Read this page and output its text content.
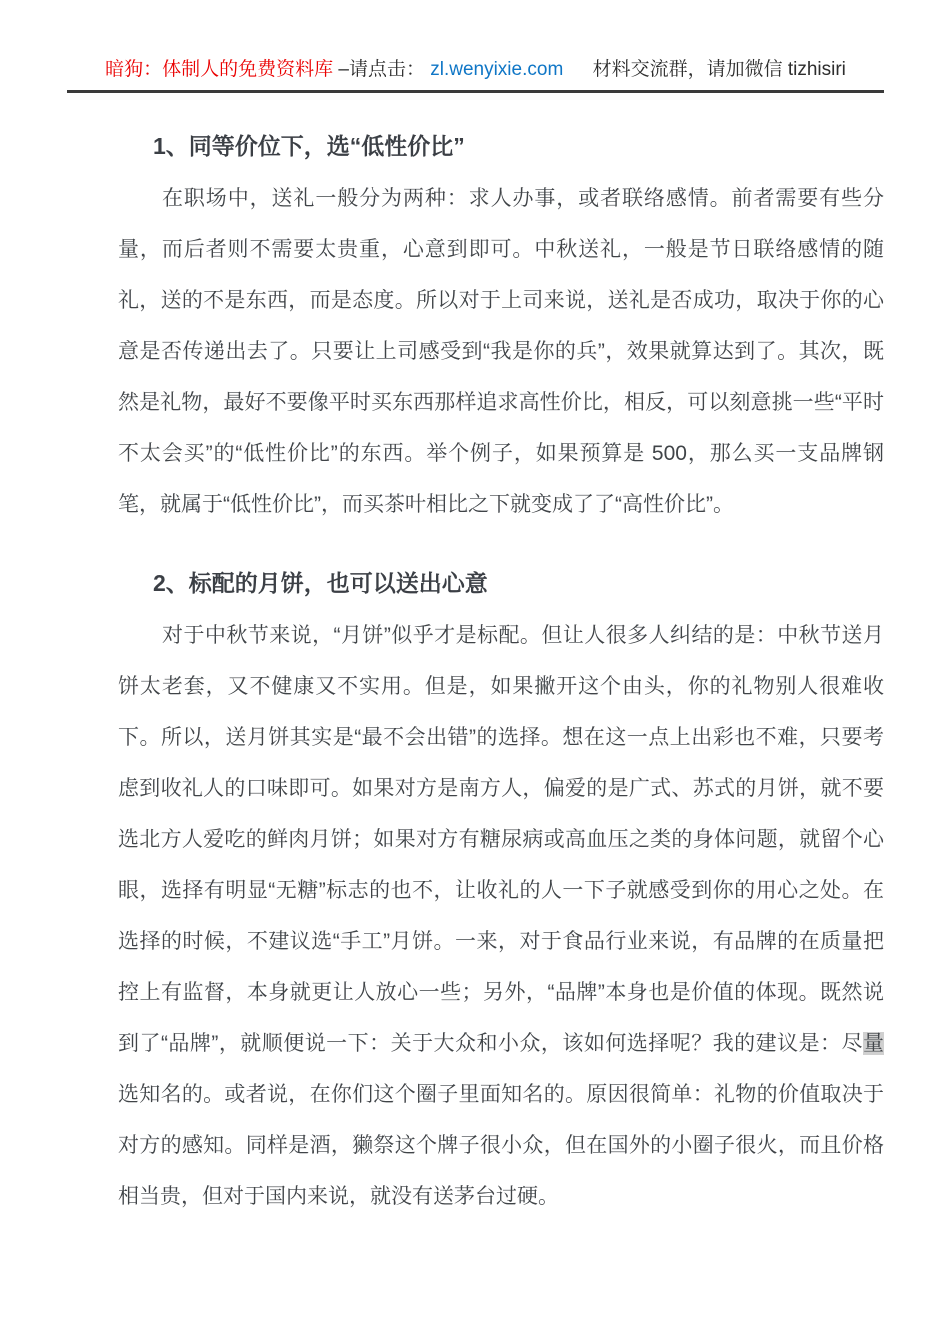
暗狗：体制人的免费资料库 –请点击： zl.wenyixie.com 材料交流群，请加微信 tizhisiri
1、同等价位下，选“低性价比”

在职场中，送礼一般分为两种：求人办事，或者联络感情。前者需要有些分量，而后者则不需要太贵重，心意到即可。中秋送礼，一般是节日联络感情的随礼，送的不是东西，而是态度。所以对于上司来说，送礼是否成功，取决于你的心意是否传递出去了。只要让上司感受到“我是你的兵”，效果就算达到了。其次，既然是礼物，最好不要像平时买东西那样追求高性价比，相反，可以刻意挑一些“平时不太会买”的“低性价比”的东西。举个例子，如果预算是 500，那么买一支品牌钢笔，就属于“低性价比”，而买茶叶相比之下就变成了了“高性价比”。

2、标配的月饼，也可以送出心意

对于中秋节来说，“月饼”似乎才是标配。但让人很多人纠结的是：中秋节送月饼太老套，又不健康又不实用。但是，如果撇开这个由头，你的礼物别人很难收下。所以，送月饼其实是“最不会出错”的选择。想在这一点上出彩也不难，只要考虑到收礼人的口味即可。如果对方是南方人，偏爱的是广式、苏式的月饼，就不要选北方人爱吃的鲜肉月饼；如果对方有糖尿病或高血压之类的身体问题，就留个心眼，选择有明显“无糖”标志的也不，让收礼的人一下子就感受到你的用心之处。在选择的时候，不建议选“手工”月饼。一来，对于食品行业来说，有品牌的在质量把控上有监督，本身就更让人放心一些；另外，“品牌”本身也是价值的体现。既然说到了“品牌”，就顺便说一下：关于大众和小众，该如何选择呢？我的建议是：尽量选知名的。或者说，在你们这个圈子里面知名的。原因很简单：礼物的价值取决于对方的感知。同样是酒，獭祭这个牌子很小众，但在国外的小圈子很火，而且价格相当贵，但对于国内来说，就没有送茅台过硬。
